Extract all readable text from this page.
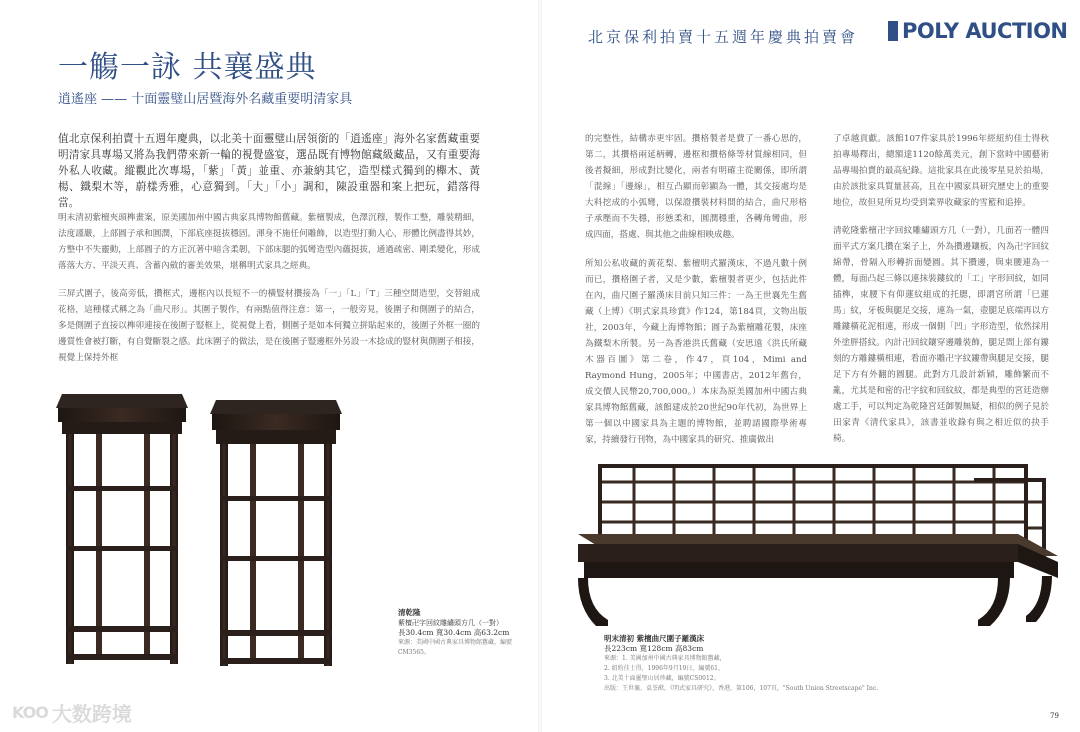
北京保利拍賣十五週年慶典拍賣會 POLY AUCTION
一觴一詠 共襄盛典
逍遙座 —— 十面靈璧山居暨海外名藏重要明清家具

值北京保利拍賣十五週年慶典，以北美十面靈璧山居領銜的「逍遙座」海外名家舊藏重要明清家具專場又將為我們帶來新一輪的視覺盛宴，選品既有博物館藏級藏品，又有重要海外私人收藏。縱觀此次專場，「紫」「黃」並重、亦兼納其它，造型樣式獨到的櫸木、黃楊、鐵梨木等，蔚樣秀雅，心意獨到。「大」「小」調和，陳設重器和案上把玩，錯落得當。

明末清初紫檀夾頭榫畫案，原美國加州中國古典家具博物館舊藏。紫檀製成，色澤沉穆，製作工整，雕裝精細，法度謹嚴，上部圓子承和圓潤，下部底座挺拔穩固。渾身不施任何雕飾，以造型打動人心，形體比例盡得其妙，方整中不失靈動，上部圓子的方正沉著中暗含柔韌，下部床腿的弧彎造型內蘊挺拔，通過疏密、剛柔變化，形成落落大方、平淡天真、含蓄內斂的審美效果，堪稱明式家具之經典。

三屏式圍子，後高旁低，攢框式，邊框內以長短不一的橫豎材攢接為「一」「L」「T」三種空間造型，交替組成花格，這種樣式稱之為「曲尺形」。其圍子製作，有兩點值得注意：第一，一般旁見，後圍子和側圍子的結合，多是側圍子直接以榫卯連接在後圍子豎框上，從視覺上看，側圍子是如本何獨立拼貼起來的，後圍子外框一圈的邊質性會被打斷，有自覺斷裂之感。此床圍子的做法，是在後圍子豎邊框外另設一木捻成的豎材與側圍子相接，視覺上保持外框

的完整性，結構赤更牢固。攢格製者是費了一番心思的，第二，其攢格兩延柄轉，邊框和攢格條等材質線相同，但後者擬細，形成對比變化，兩者有明確主從關係，即所謂「混線」「邊線」，相互凸顯而彰顯為一體，其交接處均是大料挖成的小弧彎，以保證攢裝材料間的結合，曲尺形格子承壓而不失穩，形態柔和，圓潤穩重，各轉角彎曲，形成四面，搭處、與其他之曲線相映成趣。

所知公私收藏的黃花梨、紫檀明式羅漢床，不過凡數十例而已，攢格圍子者，又是少數，紫檀製者更少，包括此件在內，曲尺圍子羅漢床目前只知三件：一為王世襄先生舊藏（上博）《明式家具珍賞》作124，第184頁，文物出版社，2003年，今藏上海博物館；圓子為紫檀雕花製，床座為鐵梨木所製。另一為香港洪氏舊藏（安思遠《洪氏所藏木器百圖》第二卷，作47，頁104，Mimi and Raymond Hung，2005年；中國書店，2012年舊台，成交價人民幣20,700,000。）本床為原美國加州中國古典家具博物館舊藏，該館建成於20世紀90年代初，為世界上第一個以中國家具為主題的博物館，並聘請國際學術專家，持續發行刊物，為中國家具的研究、推廣做出

了卓越貢獻。該館107件家具於1996年經紐約佳士得秋拍專場釋出，總額達1120餘萬美元，創下當時中國藝術品專場拍賣的最高紀錄。這批家具在此後零星見於拍場，由於該批家具質量甚高，且在中國家具研究歷史上的重要地位，故但見所見均受到業界收藏家的雪籃和追捧。

清乾隆紫檀卍字回紋雕繡頭方几（一對），几面若一體四面平式方案几攢在案子上，外為攢邊鑲板，內為卍字回紋綿帶，骨隔入形轉折面變圓。其下攢邊，與束腰連為一體，每面凸起三條以連抹裝鏤紋的「工」字形回紋，如同插榫，束腰下有仰蓮紋組成的托腮，即謂宮所謂「巳蓮馬」紋，牙板與腿足交接，連為一氣，壺腿足底端再以方雕鏤橫花泥相連，形成一個側「凹」字形造型，依然採用外塗胖搭紋。內計卍回紋鑲穿邊雕裝飾，腿足間上部有鏤刻的方雕鏤橫相連，看面亦雕卍字紋鏤帶與腿足交接，腿足下方有外翻的圓腿。此對方几設計新穎，雕飾繁而不亂，尤其是和密的卍字紋和回紋紋，都是典型的宮廷造辦處工手，可以判定為乾隆宮廷御製無疑，相似的例子見於田家青《清代家具》，該書並收錄有與之相近似的抉手椅。

清乾隆
紫檀卍字回紋雕繡頭方几（一對）
長30.4cm 寬30.4cm 高63.2cm
來源：美國中國古典家具博物館舊藏，編號CM3565。
明末清初 紫檀曲尺圍子羅漢床
長223cm 寬128cm 高83cm
來源：1. 美國加州中國古典家具博物館舊藏，
2. 紐約佳士得，1996年9月19日，編號61，
3. 北美十面靈璧山居珍藏，編號CS0012。
出版：王世襄、袁荃猷，《明式家具研究》，香港，第106，107頁，"South Union Streetscape" Inc.
79
KOO 大数跨境
